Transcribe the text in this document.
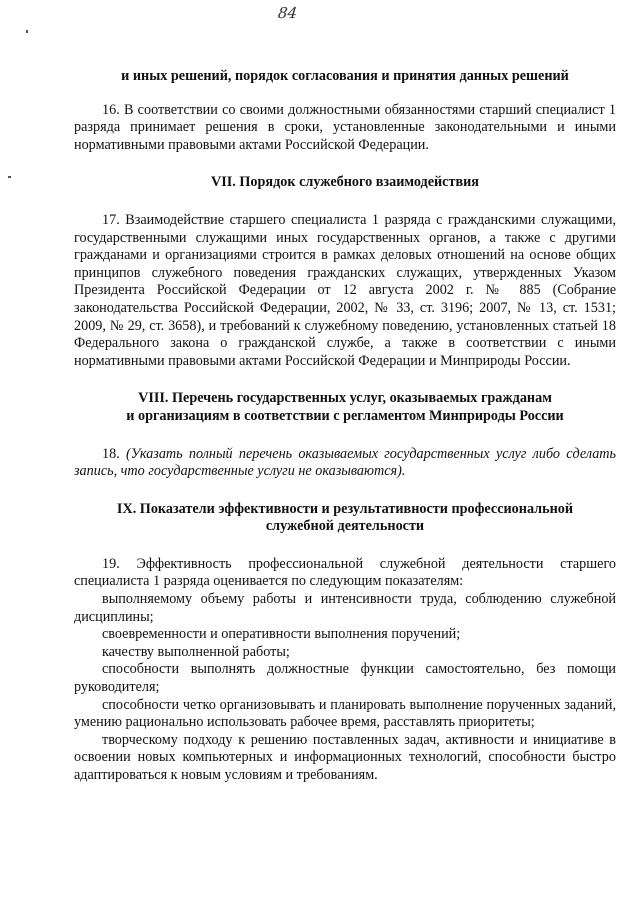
84

и иных решений, порядок согласования и принятия данных решений

16. В соответствии со своими должностными обязанностями старший специалист 1 разряда принимает решения в сроки, установленные законодательными и иными нормативными правовыми актами Российской Федерации.

VII. Порядок служебного взаимодействия

17. Взаимодействие старшего специалиста 1 разряда с гражданскими служащими, государственными служащими иных государственных органов, а также с другими гражданами и организациями строится в рамках деловых отношений на основе общих принципов служебного поведения гражданских служащих, утвержденных Указом Президента Российской Федерации от 12 августа 2002 г. № 885 (Собрание законодательства Российской Федерации, 2002, № 33, ст. 3196; 2007, № 13, ст. 1531; 2009, № 29, ст. 3658), и требований к служебному поведению, установленных статьей 18 Федерального закона о гражданской службе, а также в соответствии с иными нормативными правовыми актами Российской Федерации и Минприроды России.

VIII. Перечень государственных услуг, оказываемых гражданам

и организациям в соответствии с регламентом Минприроды России

18. (Указать полный перечень оказываемых государственных услуг либо сделать запись, что государственные услуги не оказываются).

IX. Показатели эффективности и результативности профессиональной

служебной деятельности

19. Эффективность профессиональной служебной деятельности старшего специалиста 1 разряда оценивается по следующим показателям:

выполняемому объему работы и интенсивности труда, соблюдению служебной дисциплины;

своевременности и оперативности выполнения поручений;

качеству выполненной работы;

способности выполнять должностные функции самостоятельно, без помощи руководителя;

способности четко организовывать и планировать выполнение порученных заданий, умению рационально использовать рабочее время, расставлять приоритеты;

творческому подходу к решению поставленных задач, активности и инициативе в освоении новых компьютерных и информационных технологий, способности быстро адаптироваться к новым условиям и требованиям.
